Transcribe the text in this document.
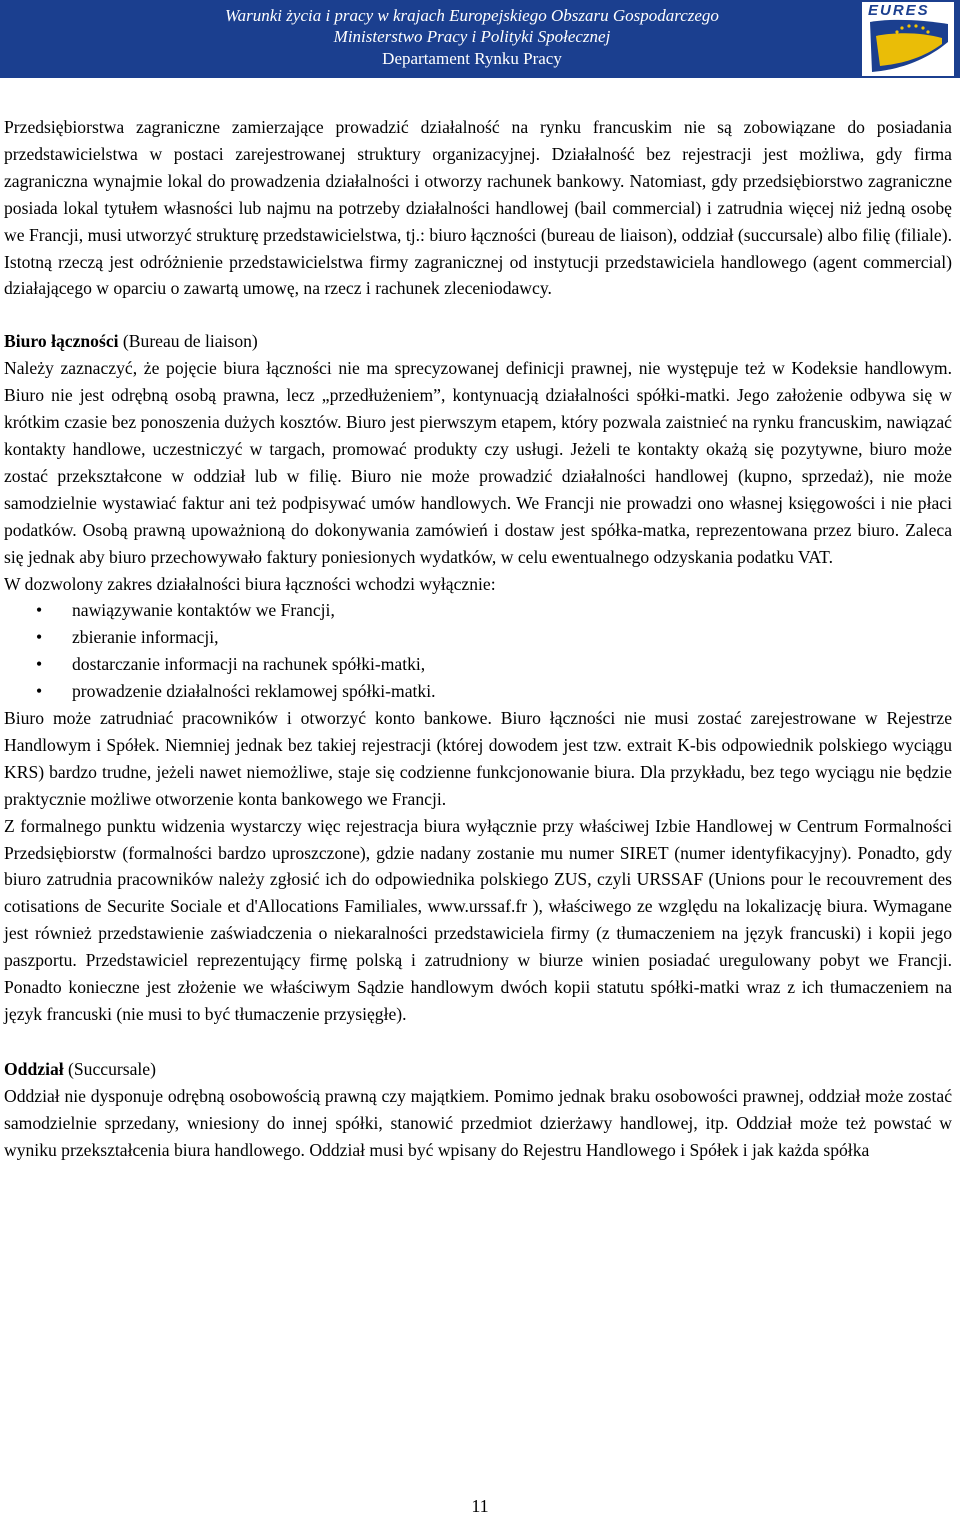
Warunki życia i pracy w krajach Europejskiego Obszaru Gospodarczego
Ministerstwo Pracy i Polityki Społecznej
Departament Rynku Pracy
EURES

Przedsiębiorstwa zagraniczne zamierzające prowadzić działalność na rynku francuskim nie są zobowiązane do posiadania przedstawicielstwa w postaci zarejestrowanej struktury organizacyjnej. Działalność bez rejestracji jest możliwa, gdy firma zagraniczna wynajmie lokal do prowadzenia działalności i otworzy rachunek bankowy. Natomiast, gdy przedsiębiorstwo zagraniczne posiada lokal tytułem własności lub najmu na potrzeby działalności handlowej (bail commercial) i zatrudnia więcej niż jedną osobę we Francji, musi utworzyć strukturę przedstawicielstwa, tj.: biuro łączności (bureau de liaison), oddział (succursale) albo filię (filiale). Istotną rzeczą jest odróżnienie przedstawicielstwa firmy zagranicznej od instytucji przedstawiciela handlowego (agent commercial) działającego w oparciu o zawartą umowę, na rzecz i rachunek zleceniodawcy.

Biuro łączności (Bureau de liaison)

Należy zaznaczyć, że pojęcie biura łączności nie ma sprecyzowanej definicji prawnej, nie występuje też w Kodeksie handlowym. Biuro nie jest odrębną osobą prawna, lecz „przedłużeniem”, kontynuacją działalności spółki-matki. Jego założenie odbywa się w krótkim czasie bez ponoszenia dużych kosztów. Biuro jest pierwszym etapem, który pozwala zaistnieć na rynku francuskim, nawiązać kontakty handlowe, uczestniczyć w targach, promować produkty czy usługi. Jeżeli te kontakty okażą się pozytywne, biuro może zostać przekształcone w oddział lub w filię. Biuro nie może prowadzić działalności handlowej (kupno, sprzedaż), nie może samodzielnie wystawiać faktur ani też podpisywać umów handlowych. We Francji nie prowadzi ono własnej księgowości i nie płaci podatków. Osobą prawną upoważnioną do dokonywania zamówień i dostaw jest spółka-matka, reprezentowana przez biuro. Zaleca się jednak aby biuro przechowywało faktury poniesionych wydatków, w celu ewentualnego odzyskania podatku VAT.

W dozwolony zakres działalności biura łączności wchodzi wyłącznie:

• nawiązywanie kontaktów we Francji,
• zbieranie informacji,
• dostarczanie informacji na rachunek spółki-matki,
• prowadzenie działalności reklamowej spółki-matki.

Biuro może zatrudniać pracowników i otworzyć konto bankowe. Biuro łączności nie musi zostać zarejestrowane w Rejestrze Handlowym i Spółek. Niemniej jednak bez takiej rejestracji (której dowodem jest tzw. extrait K-bis odpowiednik polskiego wyciągu KRS) bardzo trudne, jeżeli nawet niemożliwe, staje się codzienne funkcjonowanie biura. Dla przykładu, bez tego wyciągu nie będzie praktycznie możliwe otworzenie konta bankowego we Francji.

Z formalnego punktu widzenia wystarczy więc rejestracja biura wyłącznie przy właściwej Izbie Handlowej w Centrum Formalności Przedsiębiorstw (formalności bardzo uproszczone), gdzie nadany zostanie mu numer SIRET (numer identyfikacyjny). Ponadto, gdy biuro zatrudnia pracowników należy zgłosić ich do odpowiednika polskiego ZUS, czyli URSSAF (Unions pour le recouvrement des cotisations de Securite Sociale et d'Allocations Familiales, www.urssaf.fr ), właściwego ze względu na lokalizację biura. Wymagane jest również przedstawienie zaświadczenia o niekaralności przedstawiciela firmy (z tłumaczeniem na język francuski) i kopii jego paszportu. Przedstawiciel reprezentujący firmę polską i zatrudniony w biurze winien posiadać uregulowany pobyt we Francji. Ponadto konieczne jest złożenie we właściwym Sądzie handlowym dwóch kopii statutu spółki-matki wraz z ich tłumaczeniem na język francuski (nie musi to być tłumaczenie przysięgłe).

Oddział (Succursale)

Oddział nie dysponuje odrębną osobowością prawną czy majątkiem. Pomimo jednak braku osobowości prawnej, oddział może zostać samodzielnie sprzedany, wniesiony do innej spółki, stanowić przedmiot dzierżawy handlowej, itp. Oddział może też powstać w wyniku przekształcenia biura handlowego. Oddział musi być wpisany do Rejestru Handlowego i Spółek i jak każda spółka

11
